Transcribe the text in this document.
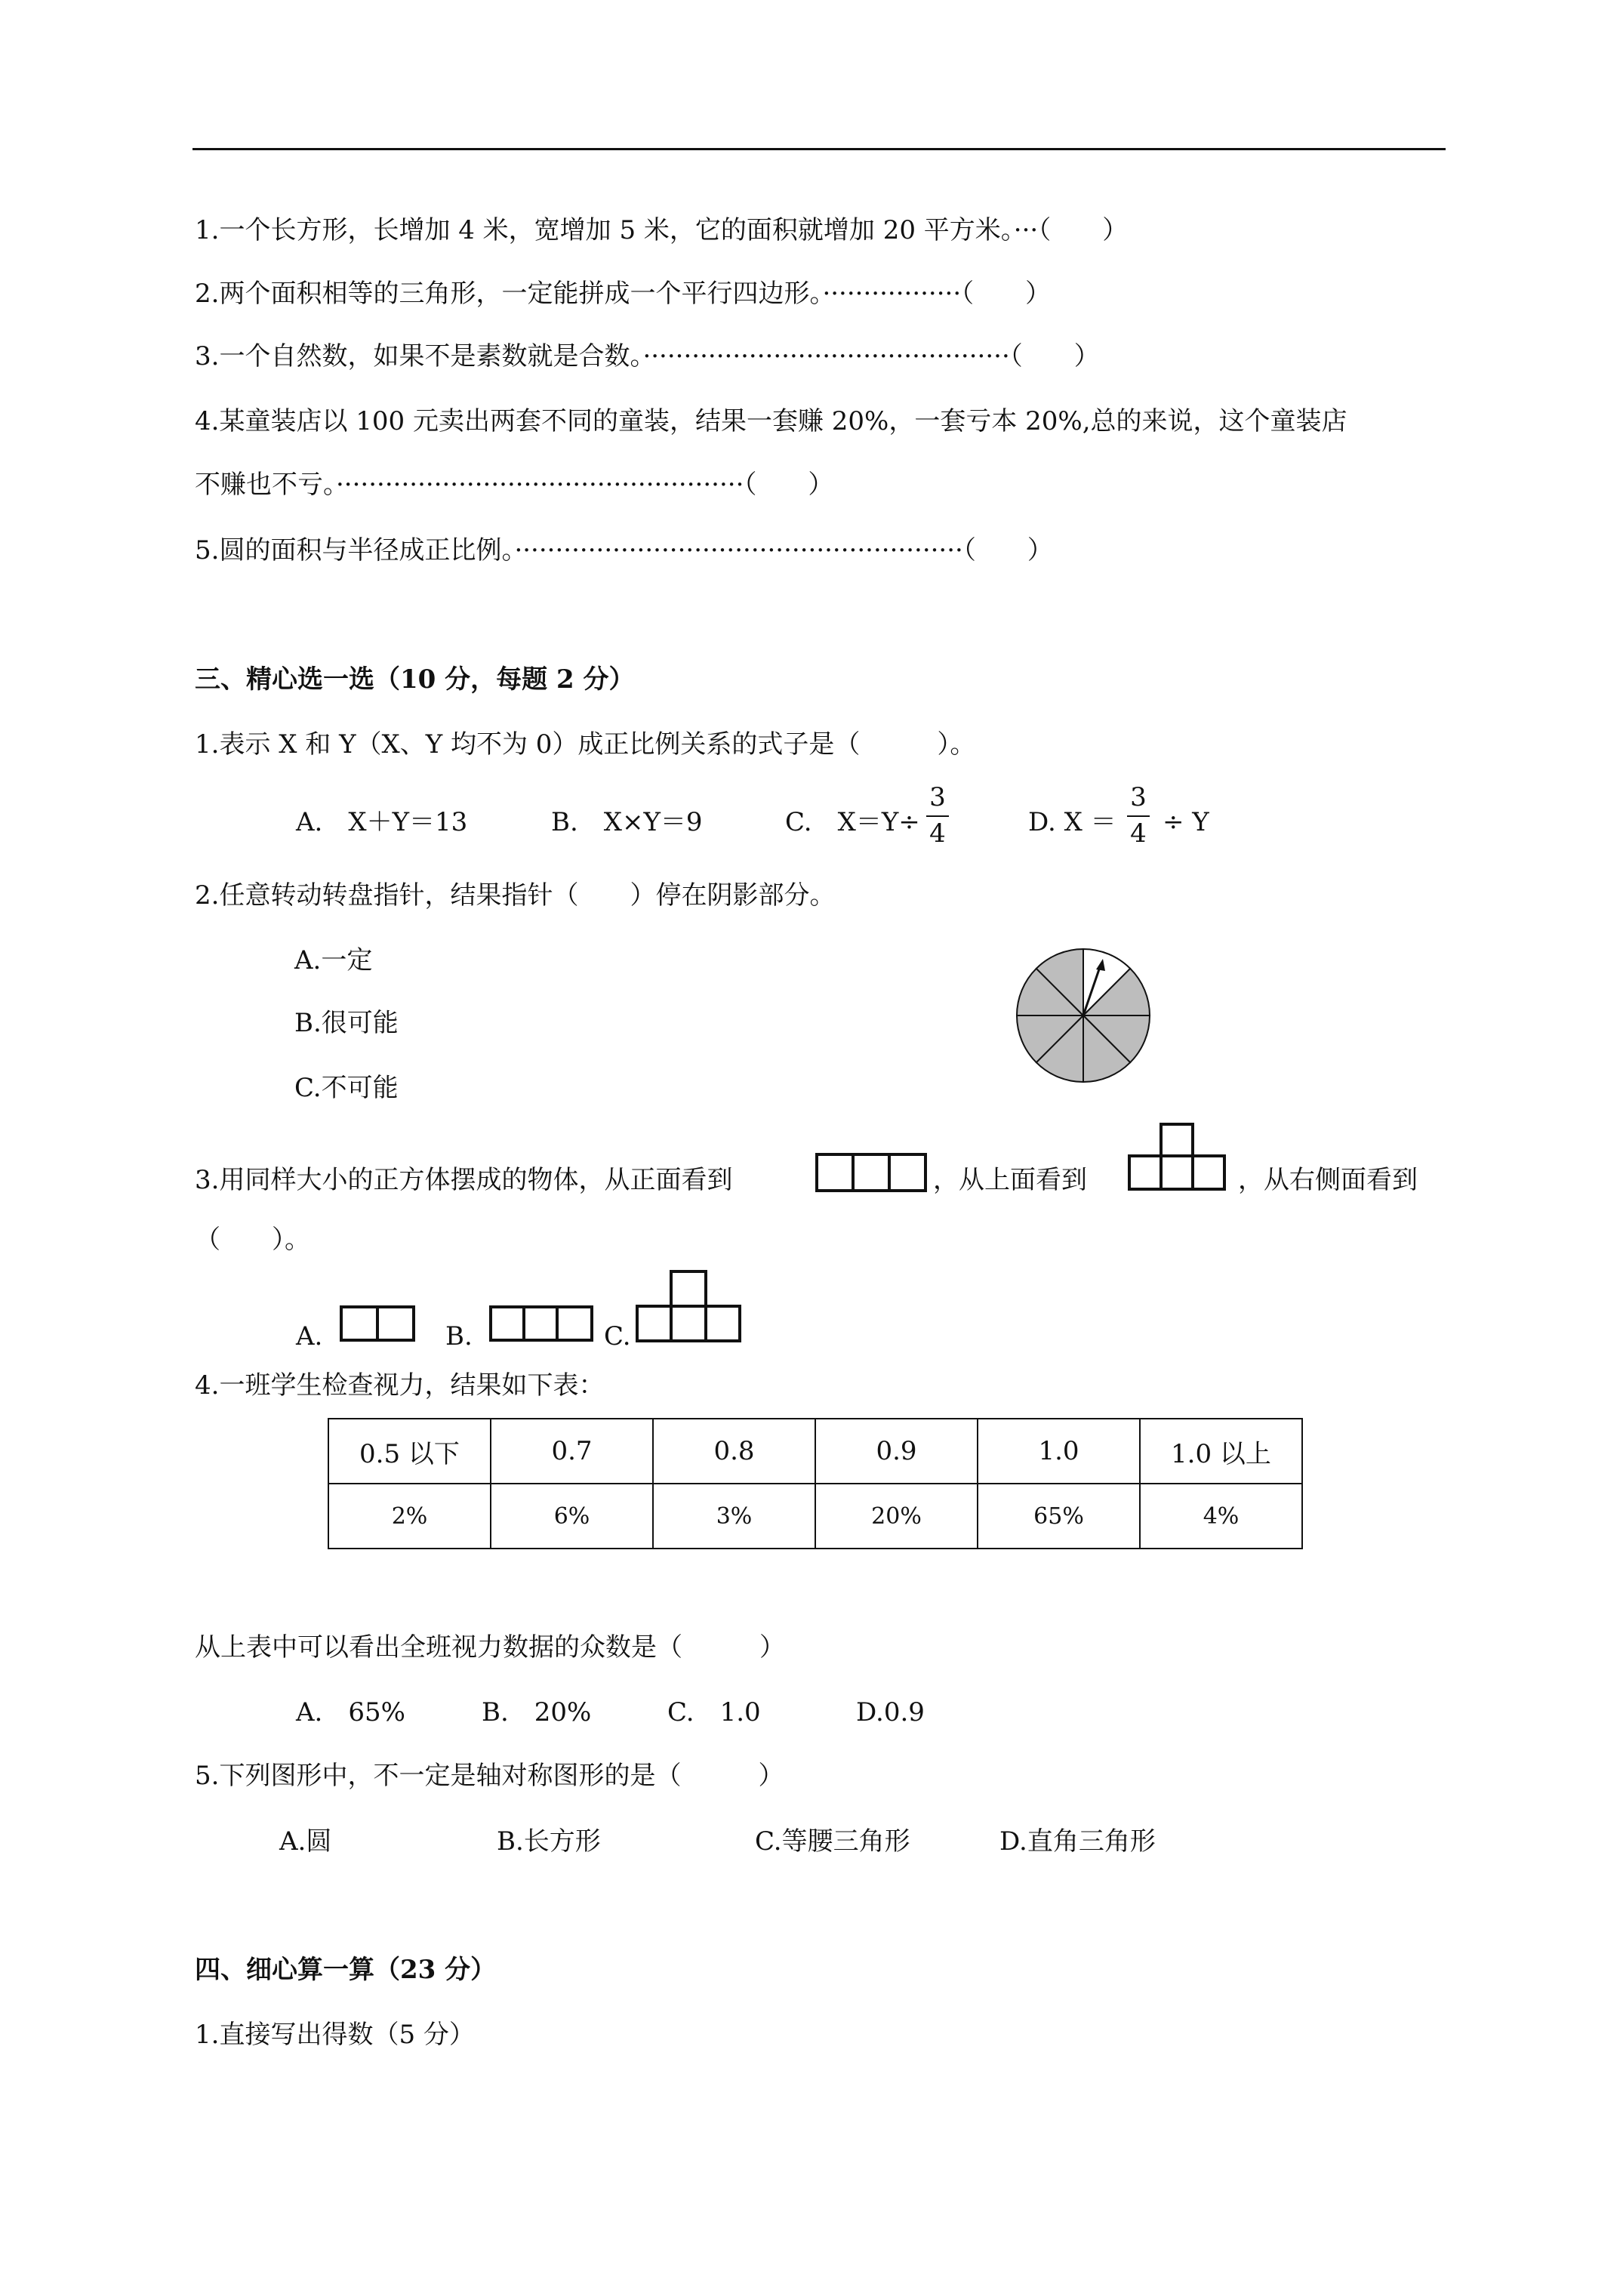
1.一个长方形，长增加 4 米，宽增加 5 米，它的面积就增加 20 平方米。···（　　）
2.两个面积相等的三角形，一定能拼成一个平行四边形。·················（　　）
3.一个自然数，如果不是素数就是合数。·············································（　　）
4.某童装店以 100 元卖出两套不同的童装，结果一套赚 20%，一套亏本 20%,总的来说，这个童装店
不赚也不亏。··················································（　　）
5.圆的面积与半径成正比例。·······················································（　　）
三、精心选一选（10 分，每题 2 分）
1.表示 X 和 Y（X、Y 均不为 0）成正比例关系的式子是（　　　）。
A.　X＋Y＝13	B.　X×Y＝9	C.　X＝Y÷
3
4	D. X ＝
3
4 ÷ Y
2.任意转动转盘指针，结果指针（　　）停在阴影部分。
A.一定
B.很可能
C.不可能
3.用同样大小的正方体摆成的物体，从正面看到	，从上面看到	，从右侧面看到
（　　）。
A.	B.	C.
4.一班学生检查视力，结果如下表：
0.5 以下	0.7	0.8	0.9	1.0	1.0 以上
2%	6%	3%	20%	65%	4%
从上表中可以看出全班视力数据的众数是（　　　）
A.　65%	B.　20%	C.　1.0	D.0.9
5.下列图形中，不一定是轴对称图形的是（　　　）
A.圆	B.长方形	C.等腰三角形	D.直角三角形
四、细心算一算（23 分）
1.直接写出得数（5 分）
